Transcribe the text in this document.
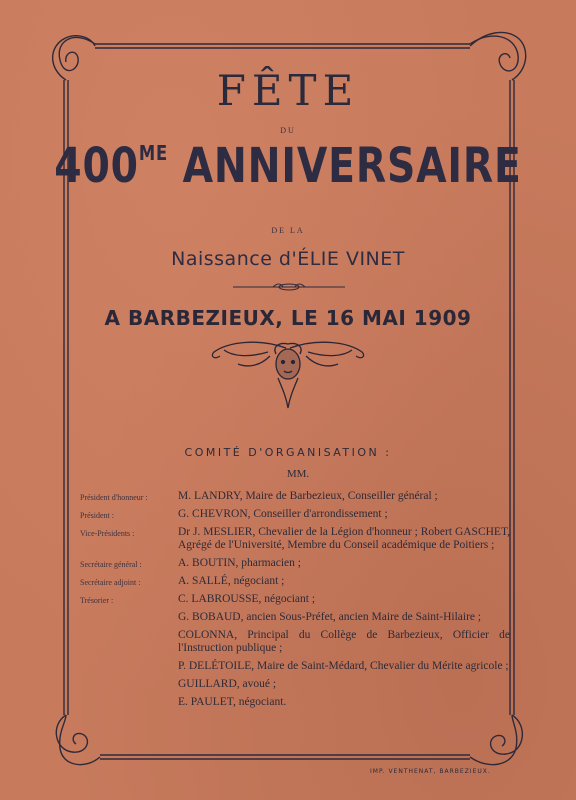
FÊTE
DU
$400^{ME}$ ANNIVERSAIRE
DE LA
Naissance d'ÉLIE VINET
A BARBEZIEUX, LE 16 MAI 1909
COMITÉ D'ORGANISATION :
MM.
Président d'honneur :	M. LANDRY, Maire de Barbezieux, Conseiller général ;
Président :	G. CHEVRON, Conseiller d'arrondissement ;
Vice-Présidents :	Dr J. MESLIER, Chevalier de la Légion d'honneur ; Robert GASCHET, Agrégé de l'Université, Membre du Conseil académique de Poitiers ;
Secrétaire général :	A. BOUTIN, pharmacien ;
Secrétaire adjoint :	A. SALLÉ, négociant ;
Trésorier :	C. LABROUSSE, négociant ;
G. BOBAUD, ancien Sous-Préfet, ancien Maire de Saint-Hilaire ;
COLONNA, Principal du Collège de Barbezieux, Officier de l'Instruction publique ;
P. DELÉTOILE, Maire de Saint-Médard, Chevalier du Mérite agricole ;
GUILLARD, avoué ;
E. PAULET, négociant.
IMP. VENTHENAT, BARBEZIEUX.
